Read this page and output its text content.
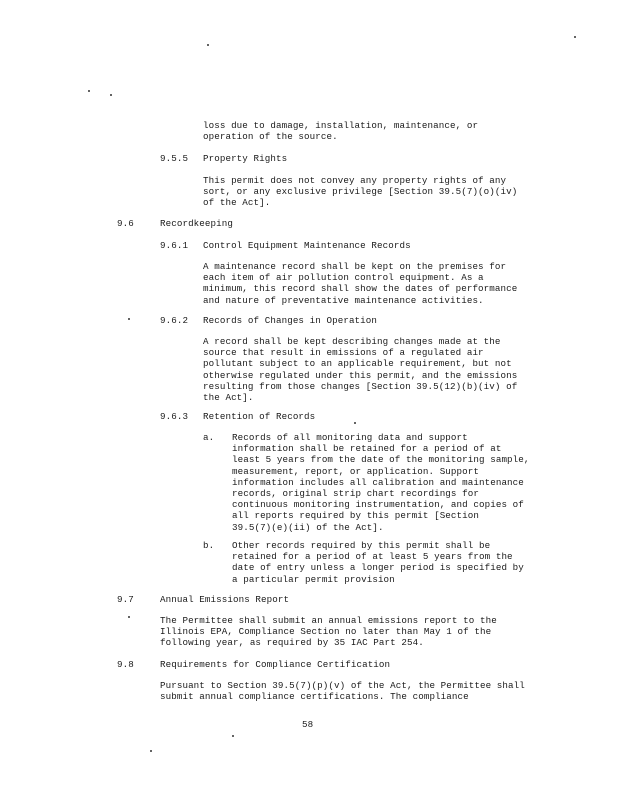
loss due to damage, installation, maintenance, or
operation of the source.
9.5.5 Property Rights
This permit does not convey any property rights of any
sort, or any exclusive privilege [Section 39.5(7)(o)(iv)
of the Act].
9.6	Recordkeeping
9.6.1 Control Equipment Maintenance Records
A maintenance record shall be kept on the premises for
each item of air pollution control equipment. As a
minimum, this record shall show the dates of performance
and nature of preventative maintenance activities.
9.6.2 Records of Changes in Operation
A record shall be kept describing changes made at the
source that result in emissions of a regulated air
pollutant subject to an applicable requirement, but not
otherwise regulated under this permit, and the emissions
resulting from those changes [Section 39.5(12)(b)(iv) of
the Act].
9.6.3 Retention of Records
a. Records of all monitoring data and support
information shall be retained for a period of at
least 5 years from the date of the monitoring sample,
measurement, report, or application. Support
information includes all calibration and maintenance
records, original strip chart recordings for
continuous monitoring instrumentation, and copies of
all reports required by this permit [Section
39.5(7)(e)(ii) of the Act].
b. Other records required by this permit shall be
retained for a period of at least 5 years from the
date of entry unless a longer period is specified by
a particular permit provision
9.7	Annual Emissions Report
The Permittee shall submit an annual emissions report to the
Illinois EPA, Compliance Section no later than May 1 of the
following year, as required by 35 IAC Part 254.
9.8	Requirements for Compliance Certification
Pursuant to Section 39.5(7)(p)(v) of the Act, the Permittee shall
submit annual compliance certifications. The compliance
58
